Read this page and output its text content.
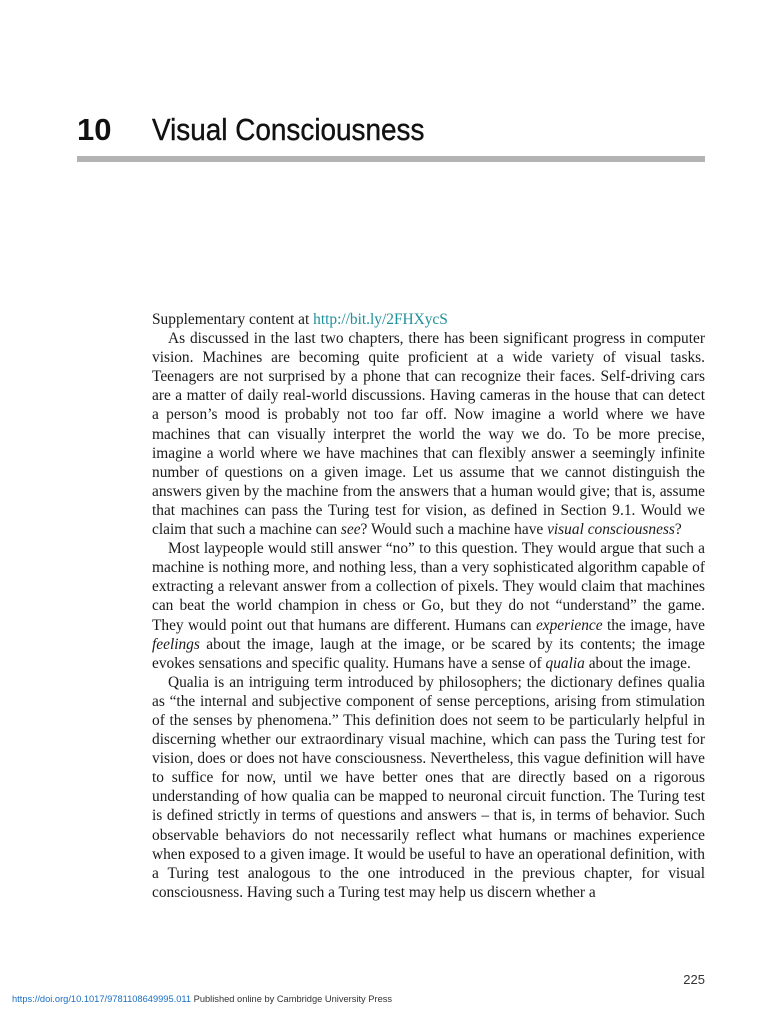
10	Visual Consciousness

Supplementary content at http://bit.ly/2FHXycS

As discussed in the last two chapters, there has been significant progress in computer vision. Machines are becoming quite proficient at a wide variety of visual tasks. Teenagers are not surprised by a phone that can recognize their faces. Self-driving cars are a matter of daily real-world discussions. Having cameras in the house that can detect a person’s mood is probably not too far off. Now imagine a world where we have machines that can visually interpret the world the way we do. To be more precise, imagine a world where we have machines that can flexibly answer a seemingly infinite number of questions on a given image. Let us assume that we cannot distinguish the answers given by the machine from the answers that a human would give; that is, assume that machines can pass the Turing test for vision, as defined in Section 9.1. Would we claim that such a machine can see? Would such a machine have visual consciousness?

Most laypeople would still answer “no” to this question. They would argue that such a machine is nothing more, and nothing less, than a very sophisticated algorithm capable of extracting a relevant answer from a collection of pixels. They would claim that machines can beat the world champion in chess or Go, but they do not “understand” the game. They would point out that humans are different. Humans can experience the image, have feelings about the image, laugh at the image, or be scared by its contents; the image evokes sensations and specific quality. Humans have a sense of qualia about the image.

Qualia is an intriguing term introduced by philosophers; the dictionary defines qualia as “the internal and subjective component of sense perceptions, arising from stimulation of the senses by phenomena.” This definition does not seem to be particularly helpful in discerning whether our extraordinary visual machine, which can pass the Turing test for vision, does or does not have consciousness. Nevertheless, this vague definition will have to suffice for now, until we have better ones that are directly based on a rigorous understanding of how qualia can be mapped to neuronal circuit function. The Turing test is defined strictly in terms of questions and answers – that is, in terms of behavior. Such observable behaviors do not necessarily reflect what humans or machines experience when exposed to a given image. It would be useful to have an operational definition, with a Turing test analogous to the one introduced in the previous chapter, for visual consciousness. Having such a Turing test may help us discern whether a

225
https://doi.org/10.1017/9781108649995.011 Published online by Cambridge University Press
